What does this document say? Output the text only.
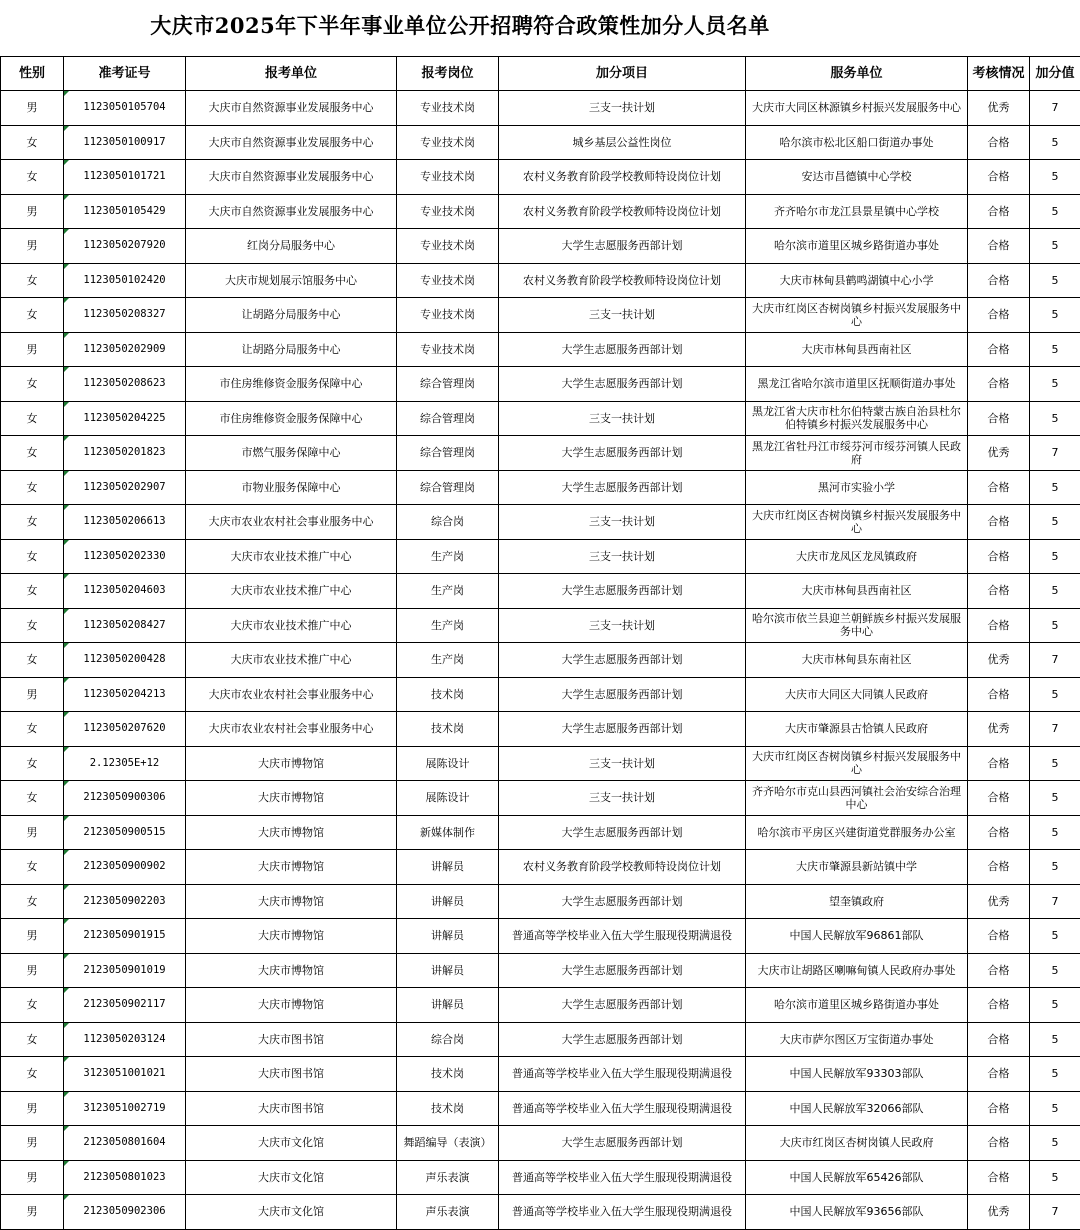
大庆市2025年下半年事业单位公开招聘符合政策性加分人员名单
性别	准考证号	报考单位	报考岗位	加分项目	服务单位	考核情况	加分值
男	1123050105704	大庆市自然资源事业发展服务中心	专业技术岗	三支一扶计划	大庆市大同区林源镇乡村振兴发展服务中心	优秀	7
女	1123050100917	大庆市自然资源事业发展服务中心	专业技术岗	城乡基层公益性岗位	哈尔滨市松北区船口街道办事处	合格	5
女	1123050101721	大庆市自然资源事业发展服务中心	专业技术岗	农村义务教育阶段学校教师特设岗位计划	安达市昌德镇中心学校	合格	5
男	1123050105429	大庆市自然资源事业发展服务中心	专业技术岗	农村义务教育阶段学校教师特设岗位计划	齐齐哈尔市龙江县景星镇中心学校	合格	5
男	1123050207920	红岗分局服务中心	专业技术岗	大学生志愿服务西部计划	哈尔滨市道里区城乡路街道办事处	合格	5
女	1123050102420	大庆市规划展示馆服务中心	专业技术岗	农村义务教育阶段学校教师特设岗位计划	大庆市林甸县鹤鸣湖镇中心小学	合格	5
女	1123050208327	让胡路分局服务中心	专业技术岗	三支一扶计划	大庆市红岗区杏树岗镇乡村振兴发展服务中心	合格	5
男	1123050202909	让胡路分局服务中心	专业技术岗	大学生志愿服务西部计划	大庆市林甸县西南社区	合格	5
女	1123050208623	市住房维修资金服务保障中心	综合管理岗	大学生志愿服务西部计划	黑龙江省哈尔滨市道里区抚顺街道办事处	合格	5
女	1123050204225	市住房维修资金服务保障中心	综合管理岗	三支一扶计划	黑龙江省大庆市杜尔伯特蒙古族自治县杜尔伯特镇乡村振兴发展服务中心	合格	5
女	1123050201823	市燃气服务保障中心	综合管理岗	大学生志愿服务西部计划	黑龙江省牡丹江市绥芬河市绥芬河镇人民政府	优秀	7
女	1123050202907	市物业服务保障中心	综合管理岗	大学生志愿服务西部计划	黑河市实验小学	合格	5
女	1123050206613	大庆市农业农村社会事业服务中心	综合岗	三支一扶计划	大庆市红岗区杏树岗镇乡村振兴发展服务中心	合格	5
女	1123050202330	大庆市农业技术推广中心	生产岗	三支一扶计划	大庆市龙凤区龙凤镇政府	合格	5
女	1123050204603	大庆市农业技术推广中心	生产岗	大学生志愿服务西部计划	大庆市林甸县西南社区	合格	5
女	1123050208427	大庆市农业技术推广中心	生产岗	三支一扶计划	哈尔滨市依兰县迎兰朝鲜族乡村振兴发展服务中心	合格	5
女	1123050200428	大庆市农业技术推广中心	生产岗	大学生志愿服务西部计划	大庆市林甸县东南社区	优秀	7
男	1123050204213	大庆市农业农村社会事业服务中心	技术岗	大学生志愿服务西部计划	大庆市大同区大同镇人民政府	合格	5
女	1123050207620	大庆市农业农村社会事业服务中心	技术岗	大学生志愿服务西部计划	大庆市肇源县古恰镇人民政府	优秀	7
女	2.12305E+12	大庆市博物馆	展陈设计	三支一扶计划	大庆市红岗区杏树岗镇乡村振兴发展服务中心	合格	5
女	2123050900306	大庆市博物馆	展陈设计	三支一扶计划	齐齐哈尔市克山县西河镇社会治安综合治理中心	合格	5
男	2123050900515	大庆市博物馆	新媒体制作	大学生志愿服务西部计划	哈尔滨市平房区兴建街道党群服务办公室	合格	5
女	2123050900902	大庆市博物馆	讲解员	农村义务教育阶段学校教师特设岗位计划	大庆市肇源县新站镇中学	合格	5
女	2123050902203	大庆市博物馆	讲解员	大学生志愿服务西部计划	望奎镇政府	优秀	7
男	2123050901915	大庆市博物馆	讲解员	普通高等学校毕业入伍大学生服现役期满退役	中国人民解放军96861部队	合格	5
男	2123050901019	大庆市博物馆	讲解员	大学生志愿服务西部计划	大庆市让胡路区喇嘛甸镇人民政府办事处	合格	5
女	2123050902117	大庆市博物馆	讲解员	大学生志愿服务西部计划	哈尔滨市道里区城乡路街道办事处	合格	5
女	1123050203124	大庆市图书馆	综合岗	大学生志愿服务西部计划	大庆市萨尔图区万宝街道办事处	合格	5
女	3123051001021	大庆市图书馆	技术岗	普通高等学校毕业入伍大学生服现役期满退役	中国人民解放军93303部队	合格	5
男	3123051002719	大庆市图书馆	技术岗	普通高等学校毕业入伍大学生服现役期满退役	中国人民解放军32066部队	合格	5
男	2123050801604	大庆市文化馆	舞蹈编导（表演）	大学生志愿服务西部计划	大庆市红岗区杏树岗镇人民政府	合格	5
男	2123050801023	大庆市文化馆	声乐表演	普通高等学校毕业入伍大学生服现役期满退役	中国人民解放军65426部队	合格	5
男	2123050902306	大庆市文化馆	声乐表演	普通高等学校毕业入伍大学生服现役期满退役	中国人民解放军93656部队	优秀	7
